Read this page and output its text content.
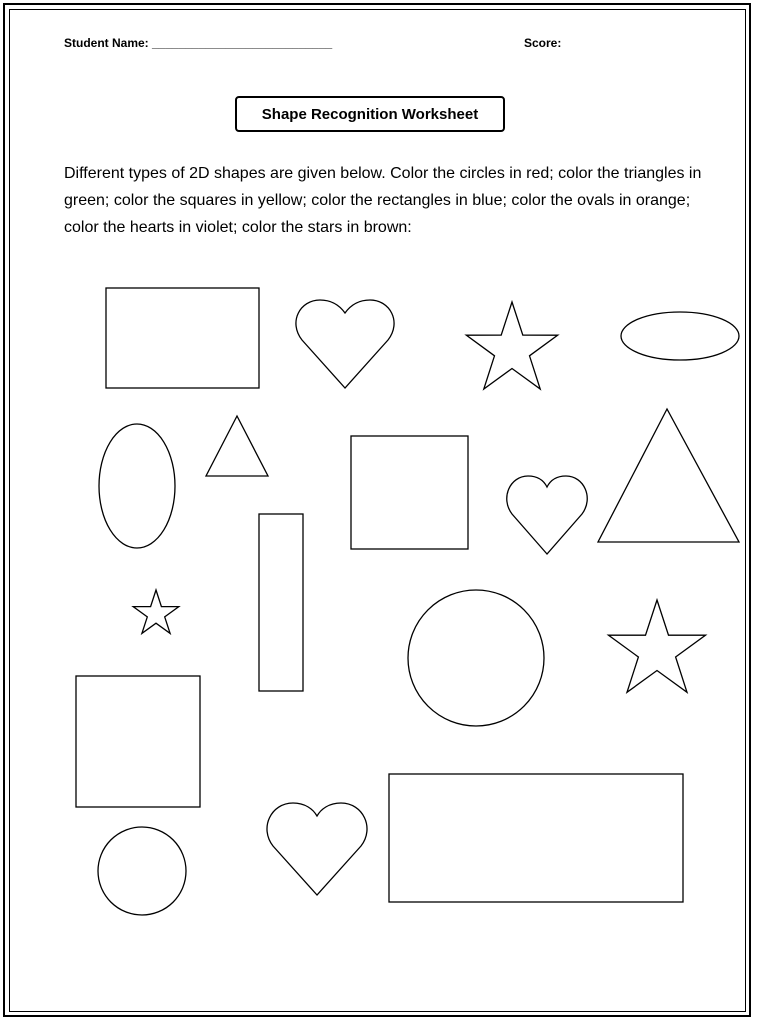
Student Name: ___________________________	Score:
Shape Recognition Worksheet
Different types of 2D shapes are given below. Color the circles in red; color the triangles in green; color the squares in yellow; color the rectangles in blue; color the ovals in orange; color the hearts in violet; color the stars in brown:
